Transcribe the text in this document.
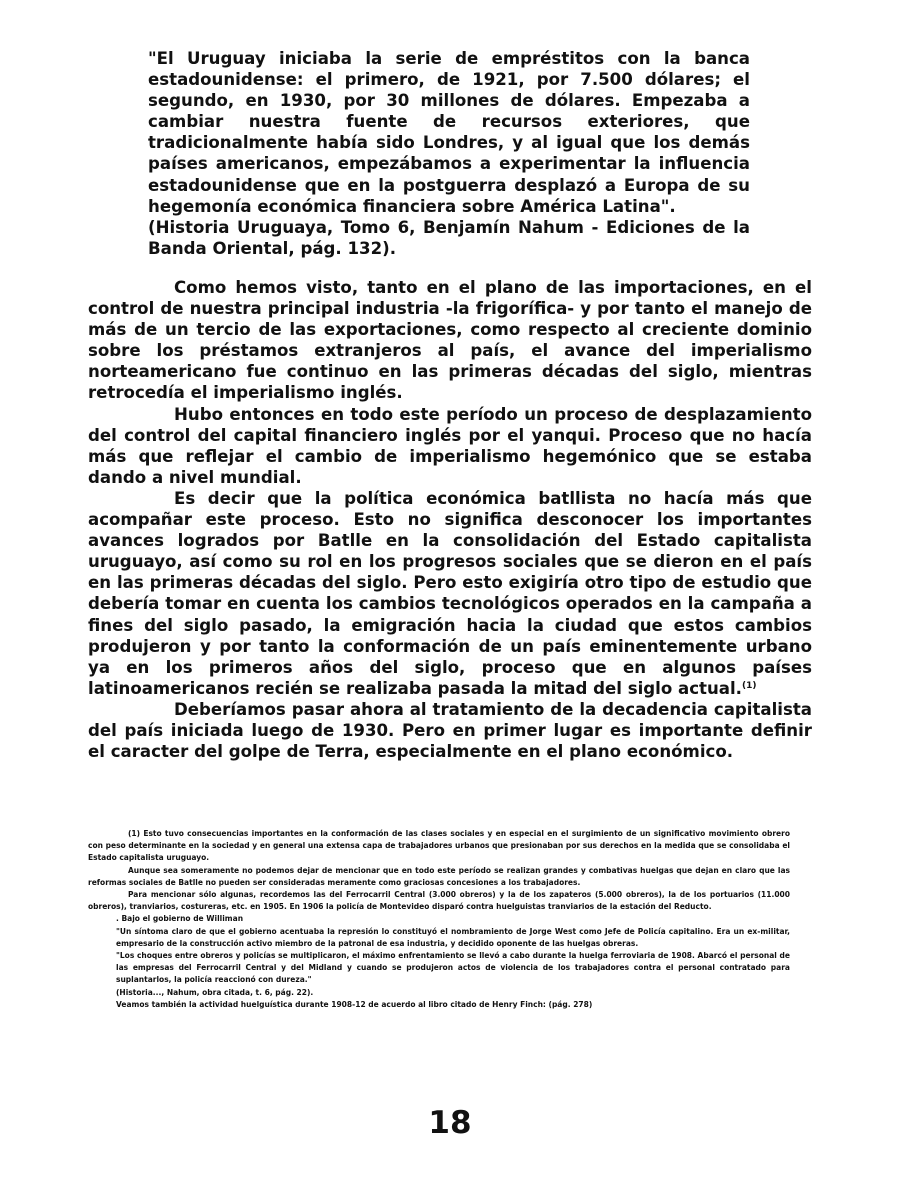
"El Uruguay iniciaba la serie de empréstitos con la banca estadounidense: el primero, de 1921, por 7.500 dólares; el segundo, en 1930, por 30 millones de dólares. Empezaba a cambiar nuestra fuente de recursos exteriores, que tradicionalmente había sido Londres, y al igual que los demás países americanos, empezábamos a experimentar la influencia estadounidense que en la postguerra desplazó a Europa de su hegemonía económica financiera sobre América Latina".

(Historia Uruguaya, Tomo 6, Benjamín Nahum - Ediciones de la Banda Oriental, pág. 132).

Como hemos visto, tanto en el plano de las importaciones, en el control de nuestra principal industria -la frigorífica- y por tanto el manejo de más de un tercio de las exportaciones, como respecto al creciente dominio sobre los préstamos extranjeros al país, el avance del imperialismo norteamericano fue continuo en las primeras décadas del siglo, mientras retrocedía el imperialismo inglés.

Hubo entonces en todo este período un proceso de desplazamiento del control del capital financiero inglés por el yanqui. Proceso que no hacía más que reflejar el cambio de imperialismo hegemónico que se estaba dando a nivel mundial.

Es decir que la política económica batllista no hacía más que acompañar este proceso. Esto no significa desconocer los importantes avances logrados por Batlle en la consolidación del Estado capitalista uruguayo, así como su rol en los progresos sociales que se dieron en el país en las primeras décadas del siglo. Pero esto exigiría otro tipo de estudio que debería tomar en cuenta los cambios tecnológicos operados en la campaña a fines del siglo pasado, la emigración hacia la ciudad que estos cambios produjeron y por tanto la conformación de un país eminentemente urbano ya en los primeros años del siglo, proceso que en algunos países latinoamericanos recién se realizaba pasada la mitad del siglo actual.$^{(1)}$

Deberíamos pasar ahora al tratamiento de la decadencia capitalista del país iniciada luego de 1930. Pero en primer lugar es importante definir el caracter del golpe de Terra, especialmente en el plano económico.

(1) Esto tuvo consecuencias importantes en la conformación de las clases sociales y en especial en el surgimiento de un significativo movimiento obrero con peso determinante en la sociedad y en general una extensa capa de trabajadores urbanos que presionaban por sus derechos en la medida que se consolidaba el Estado capitalista uruguayo.

Aunque sea someramente no podemos dejar de mencionar que en todo este período se realizan grandes y combativas huelgas que dejan en claro que las reformas sociales de Batlle no pueden ser consideradas meramente como graciosas concesiones a los trabajadores.

Para mencionar sólo algunas, recordemos las del Ferrocarril Central (3.000 obreros) y la de los zapateros (5.000 obreros), la de los portuarios (11.000 obreros), tranviarios, costureras, etc. en 1905. En 1906 la policía de Montevideo disparó contra huelguistas tranviarios de la estación del Reducto.

. Bajo el gobierno de Williman

"Un síntoma claro de que el gobierno acentuaba la represión lo constituyó el nombramiento de Jorge West como Jefe de Policía capitalino. Era un ex-militar, empresario de la construcción activo miembro de la patronal de esa industria, y decidido oponente de las huelgas obreras.

"Los choques entre obreros y policías se multiplicaron, el máximo enfrentamiento se llevó a cabo durante la huelga ferroviaria de 1908. Abarcó el personal de las empresas del Ferrocarril Central y del Midland y cuando se produjeron actos de violencia de los trabajadores contra el personal contratado para suplantarlos, la policía reaccionó con dureza."

(Historia..., Nahum, obra citada, t. 6, pág. 22).

Veamos también la actividad huelguística durante 1908-12 de acuerdo al libro citado de Henry Finch: (pág. 278)

18
